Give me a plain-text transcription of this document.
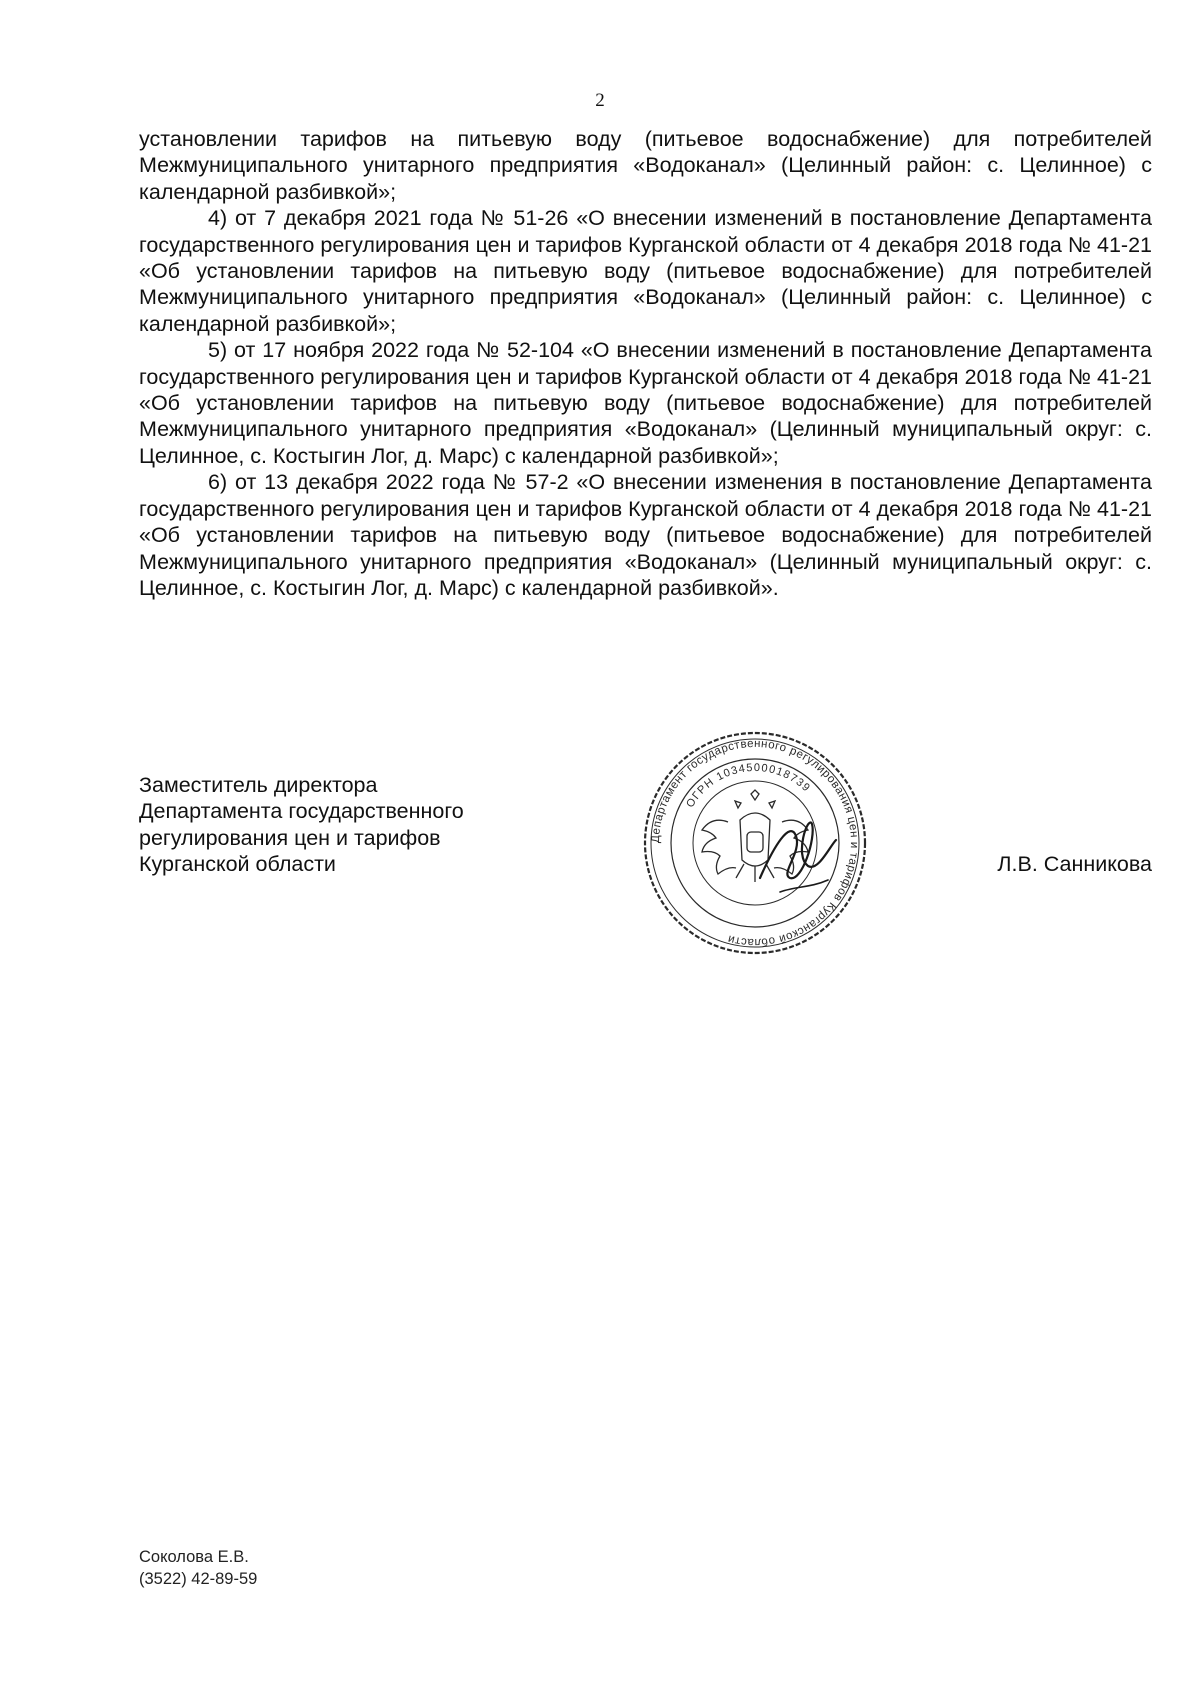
2

установлении тарифов на питьевую воду (питьевое водоснабжение) для потребителей Межмуниципального унитарного предприятия «Водоканал» (Целинный район: с. Целинное) с календарной разбивкой»;

4) от 7 декабря 2021 года № 51-26 «О внесении изменений в постановление Департамента государственного регулирования цен и тарифов Курганской области от 4 декабря 2018 года № 41-21 «Об установлении тарифов на питьевую воду (питьевое водоснабжение) для потребителей Межмуниципального унитарного предприятия «Водоканал» (Целинный район: с. Целинное) с календарной разбивкой»;

5) от 17 ноября 2022 года № 52-104 «О внесении изменений в постановление Департамента государственного регулирования цен и тарифов Курганской области от 4 декабря 2018 года № 41-21 «Об установлении тарифов на питьевую воду (питьевое водоснабжение) для потребителей Межмуниципального унитарного предприятия «Водоканал» (Целинный муниципальный округ: с. Целинное, с. Костыгин Лог, д. Марс) с календарной разбивкой»;

6) от 13 декабря 2022 года № 57-2 «О внесении изменения в постановление Департамента государственного регулирования цен и тарифов Курганской области от 4 декабря 2018 года № 41-21 «Об установлении тарифов на питьевую воду (питьевое водоснабжение) для потребителей Межмуниципального унитарного предприятия «Водоканал» (Целинный муниципальный округ: с. Целинное, с. Костыгин Лог, д. Марс) с календарной разбивкой».

Заместитель директора
Департамента государственного
регулирования цен и тарифов
Курганской области
Департамент государственного регулирования цен и тарифов Курганской области
ОГРН 1034500018739
Л.В. Санникова
Соколова Е.В.
(3522) 42-89-59
